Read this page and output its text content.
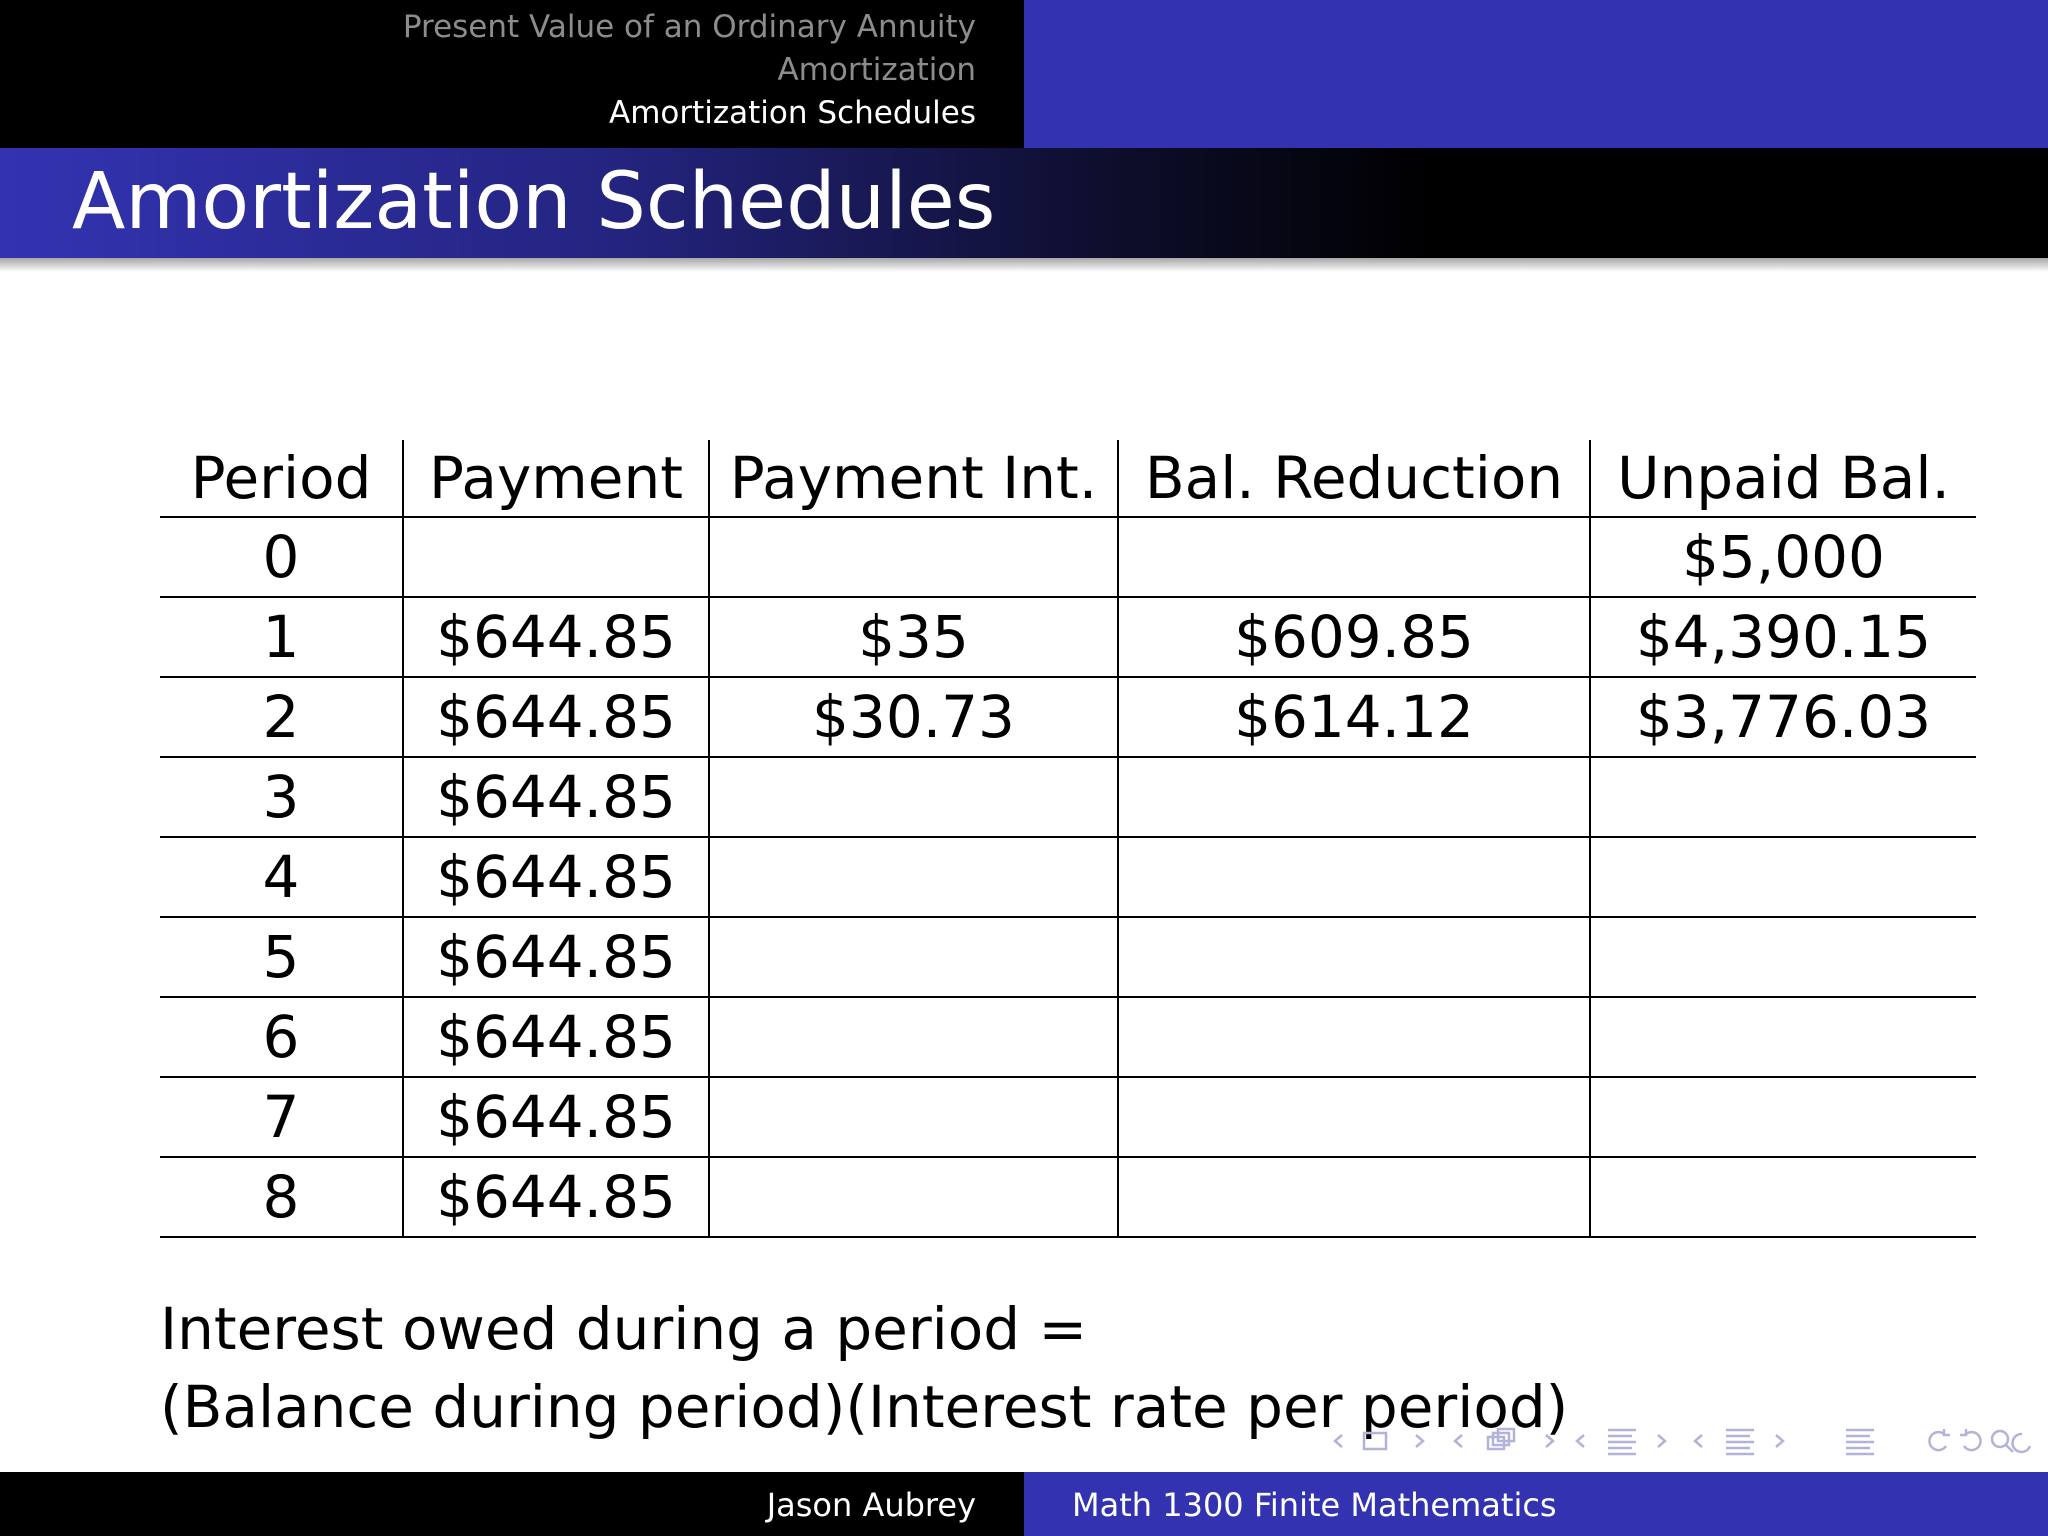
Present Value of an Ordinary Annuity
Amortization
Amortization Schedules
Amortization Schedules
Period	Payment	Payment Int.	Bal. Reduction	Unpaid Bal.
0				$5,000
1	$644.85	$35	$609.85	$4,390.15
2	$644.85	$30.73	$614.12	$3,776.03
3	$644.85			
4	$644.85			
5	$644.85			
6	$644.85			
7	$644.85			
8	$644.85			
Interest owed during a period =
(Balance during period)(Interest rate per period)
Jason Aubrey	Math 1300 Finite Mathematics
